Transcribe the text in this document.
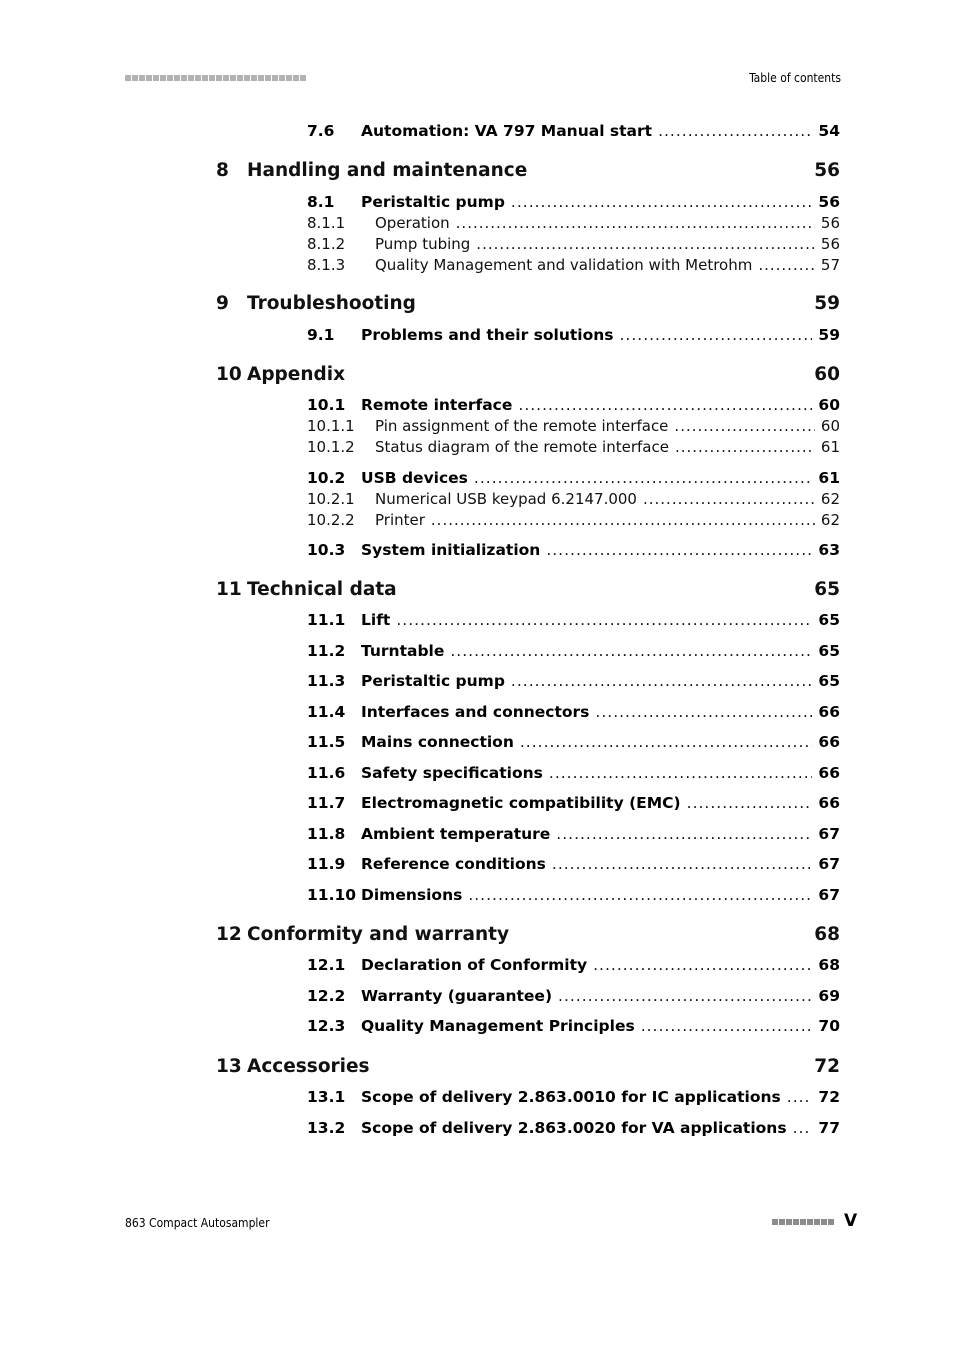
Table of contents
7.6	Automation: VA 797 Manual start .....	54
8 Handling and maintenance	56
8.1	Peristaltic pump .....	56
8.1.1	Operation .....	56
8.1.2	Pump tubing .....	56
8.1.3	Quality Management and validation with Metrohm .....	57
9 Troubleshooting	59
9.1	Problems and their solutions .....	59
10 Appendix	60
10.1	Remote interface .....	60
10.1.1	Pin assignment of the remote interface .....	60
10.1.2	Status diagram of the remote interface .....	61
10.2	USB devices .....	61
10.2.1	Numerical USB keypad 6.2147.000 .....	62
10.2.2	Printer .....	62
10.3	System initialization .....	63
11 Technical data	65
11.1	Lift .....	65
11.2	Turntable .....	65
11.3	Peristaltic pump .....	65
11.4	Interfaces and connectors .....	66
11.5	Mains connection .....	66
11.6	Safety specifications .....	66
11.7	Electromagnetic compatibility (EMC) .....	66
11.8	Ambient temperature .....	67
11.9	Reference conditions .....	67
11.10 Dimensions .....	67
12 Conformity and warranty	68
12.1	Declaration of Conformity .....	68
12.2	Warranty (guarantee) .....	69
12.3	Quality Management Principles .....	70
13 Accessories	72
13.1	Scope of delivery 2.863.0010 for IC applications ..... 72
13.2	Scope of delivery 2.863.0020 for VA applications ..... 77
863 Compact Autosampler	V
